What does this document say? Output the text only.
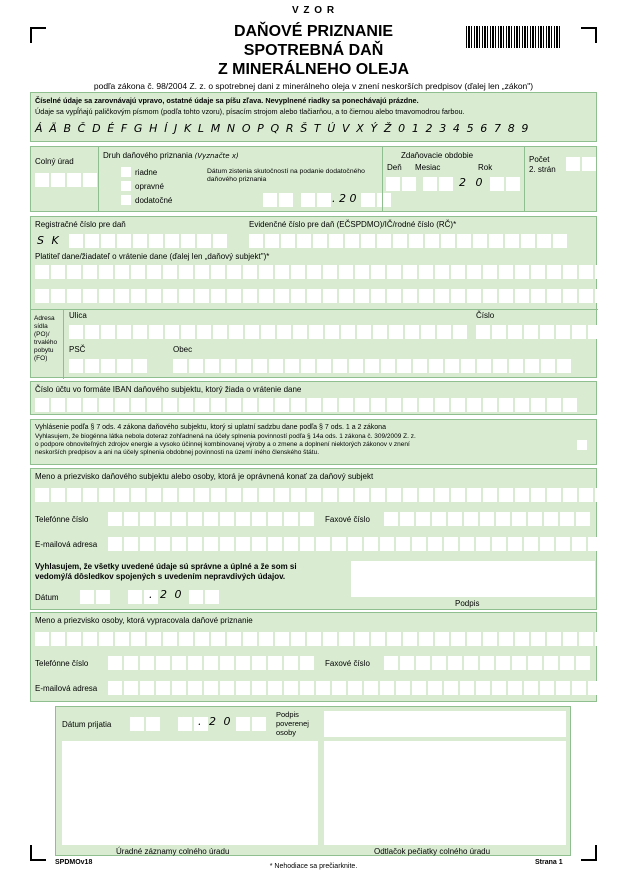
V Z O R
DAŇOVÉ PRIZNANIE
SPOTREBNÁ DAŇ
Z MINERÁLNEHO OLEJA
podľa zákona č. 98/2004 Z. z. o spotrebnej dani z minerálneho oleja v znení neskorších predpisov (ďalej len „zákon")
Číselné údaje sa zarovnávajú vpravo, ostatné údaje sa píšu zľava. Nevyplnené riadky sa ponechávajú prázdne.
Údaje sa vypĺňajú paličkovým písmom (podľa tohto vzoru), písacím strojom alebo tlačiarňou, a to čiernou alebo tmavomodrou farbou.
Á Ä B Č D É F G H Í J K L M N O P Q R Š T Ú V X Ý Ž 0 1 2 3 4 5 6 7 8 9
Colný úrad
Druh daňového priznania (Vyznačte x)
riadne
opravné
dodatočné
Dátum zistenia skutočností na podanie dodatočného daňového priznania
. 2 0
Zdaňovacie obdobie
Deň Mesiac	Rok
2 0
Počet
2. strán
Registračné číslo pre daň	Evidenčné číslo pre daň (EČSPDMO)/IČ/rodné číslo (RČ)*
S K
Platiteľ dane/žiadateľ o vrátenie dane (ďalej len „daňový subjekt")*
Adresa
sídla
(PO)/
trvalého
pobytu
(FO)
Ulica	Číslo
PSČ	Obec
Číslo účtu vo formáte IBAN daňového subjektu, ktorý žiada o vrátenie dane
Vyhlásenie podľa § 7 ods. 4 zákona daňového subjektu, ktorý si uplatní sadzbu dane podľa § 7 ods. 1 a 2 zákona
Vyhlasujem, že biogénna látka nebola doteraz zohľadnená na účely splnenia povinností podľa § 14a ods. 1 zákona č. 309/2009 Z. z.
o podpore obnoviteľných zdrojov energie a vysoko účinnej kombinovanej výroby a o zmene a doplnení niektorých zákonov v znení
neskorších predpisov a ani na účely splnenia obdobnej povinnosti na území iného členského štátu.
Meno a priezvisko daňového subjektu alebo osoby, ktorá je oprávnená konať za daňový subjekt
Telefónne číslo	Faxové číslo
E-mailová adresa
Vyhlasujem, že všetky uvedené údaje sú správne a úplné a že som si
vedomý/á dôsledkov spojených s uvedením nepravdivých údajov.
Dátum	. 2 0
Podpis
Meno a priezvisko osoby, ktorá vypracovala daňové priznanie
Telefónne číslo	Faxové číslo
E-mailová adresa
Dátum prijatia	. 2 0
Podpis
poverenej
osoby
Úradné záznamy colného úradu	Odtlačok pečiatky colného úradu
SPDMOv18
* Nehodiace sa prečiarknite.
Strana 1
